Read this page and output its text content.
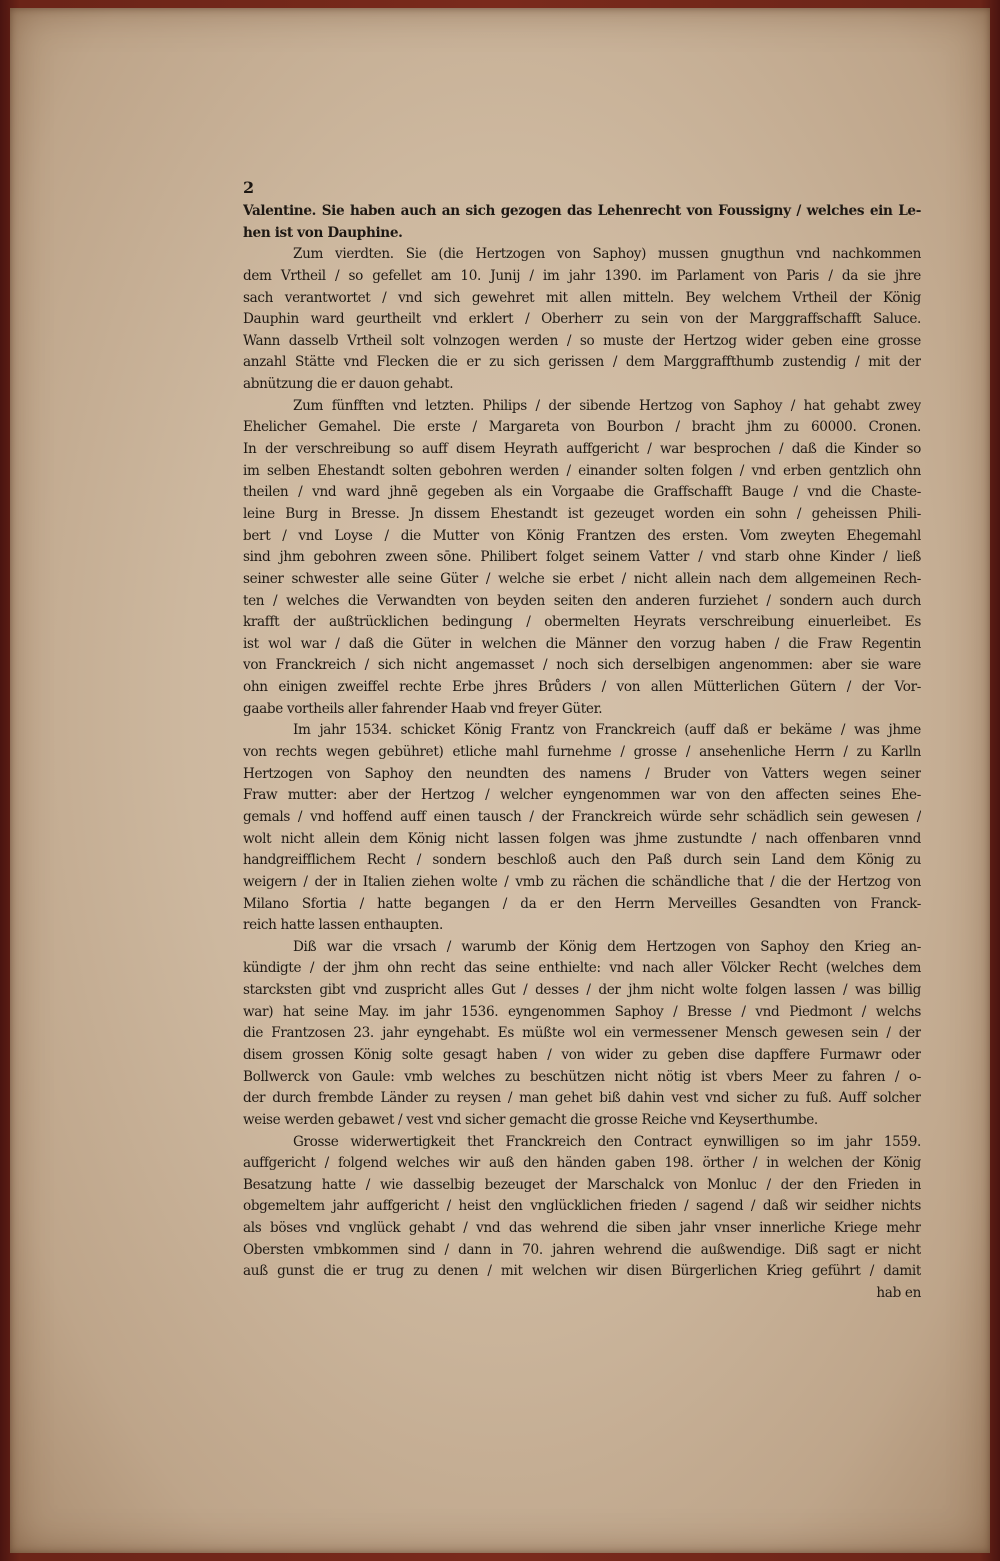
2
Valentine. Sie haben auch an sich gezogen das Lehenrecht von Foussigny / welches ein Le-
hen ist von Dauphine.
Zum vierdten. Sie (die Hertzogen von Saphoy) mussen gnugthun vnd nachkommen
dem Vrtheil / so gefellet am 10. Junij / im jahr 1390. im Parlament von Paris / da sie jhre
sach verantwortet / vnd sich gewehret mit allen mitteln. Bey welchem Vrtheil der König
Dauphin ward geurtheilt vnd erklert / Oberherr zu sein von der Marggraffschafft Saluce.
Wann dasselb Vrtheil solt volnzogen werden / so muste der Hertzog wider geben eine grosse
anzahl Stätte vnd Flecken die er zu sich gerissen / dem Marggraffthumb zustendig / mit der
abnützung die er dauon gehabt.
Zum fünfften vnd letzten. Philips / der sibende Hertzog von Saphoy / hat gehabt zwey
Ehelicher Gemahel. Die erste / Margareta von Bourbon / bracht jhm zu 60000. Cronen.
In der verschreibung so auff disem Heyrath auffgericht / war besprochen / daß die Kinder so
im selben Ehestandt solten gebohren werden / einander solten folgen / vnd erben gentzlich ohn
theilen / vnd ward jhnē gegeben als ein Vorgaabe die Graffschafft Bauge / vnd die Chaste-
leine Burg in Bresse. Jn dissem Ehestandt ist gezeuget worden ein sohn / geheissen Phili-
bert / vnd Loyse / die Mutter von König Frantzen des ersten. Vom zweyten Ehegemahl
sind jhm gebohren zween sōne. Philibert folget seinem Vatter / vnd starb ohne Kinder / ließ
seiner schwester alle seine Güter / welche sie erbet / nicht allein nach dem allgemeinen Rech-
ten / welches die Verwandten von beyden seiten den anderen furziehet / sondern auch durch
krafft der außtrücklichen bedingung / obermelten Heyrats verschreibung einuerleibet. Es
ist wol war / daß die Güter in welchen die Männer den vorzug haben / die Fraw Regentin
von Franckreich / sich nicht angemasset / noch sich derselbigen angenommen: aber sie ware
ohn einigen zweiffel rechte Erbe jhres Brůders / von allen Mütterlichen Gütern / der Vor-
gaabe vortheils aller fahrender Haab vnd freyer Güter.
Im jahr 1534. schicket König Frantz von Franckreich (auff daß er bekäme / was jhme
von rechts wegen gebühret) etliche mahl furnehme / grosse / ansehenliche Herrn / zu Karlln
Hertzogen von Saphoy den neundten des namens / Bruder von Vatters wegen seiner
Fraw mutter: aber der Hertzog / welcher eyngenommen war von den affecten seines Ehe-
gemals / vnd hoffend auff einen tausch / der Franckreich würde sehr schädlich sein gewesen /
wolt nicht allein dem König nicht lassen folgen was jhme zustundte / nach offenbaren vnnd
handgreifflichem Recht / sondern beschloß auch den Paß durch sein Land dem König zu
weigern / der in Italien ziehen wolte / vmb zu rächen die schändliche that / die der Hertzog von
Milano Sfortia / hatte begangen / da er den Herrn Merveilles Gesandten von Franck-
reich hatte lassen enthaupten.
Diß war die vrsach / warumb der König dem Hertzogen von Saphoy den Krieg an-
kündigte / der jhm ohn recht das seine enthielte: vnd nach aller Völcker Recht (welches dem
starcksten gibt vnd zuspricht alles Gut / desses / der jhm nicht wolte folgen lassen / was billig
war) hat seine May. im jahr 1536. eyngenommen Saphoy / Bresse / vnd Piedmont / welchs
die Frantzosen 23. jahr eyngehabt. Es müßte wol ein vermessener Mensch gewesen sein / der
disem grossen König solte gesagt haben / von wider zu geben dise dapffere Furmawr oder
Bollwerck von Gaule: vmb welches zu beschützen nicht nötig ist vbers Meer zu fahren / o-
der durch frembde Länder zu reysen / man gehet biß dahin vest vnd sicher zu fuß. Auff solcher
weise werden gebawet / vest vnd sicher gemacht die grosse Reiche vnd Keyserthumbe.
Grosse widerwertigkeit thet Franckreich den Contract eynwilligen so im jahr 1559.
auffgericht / folgend welches wir auß den händen gaben 198. örther / in welchen der König
Besatzung hatte / wie dasselbig bezeuget der Marschalck von Monluc / der den Frieden in
obgemeltem jahr auffgericht / heist den vnglücklichen frieden / sagend / daß wir seidher nichts
als böses vnd vnglück gehabt / vnd das wehrend die siben jahr vnser innerliche Kriege mehr
Obersten vmbkommen sind / dann in 70. jahren wehrend die außwendige. Diß sagt er nicht
auß gunst die er trug zu denen / mit welchen wir disen Bürgerlichen Krieg geführt / damit
hab en
